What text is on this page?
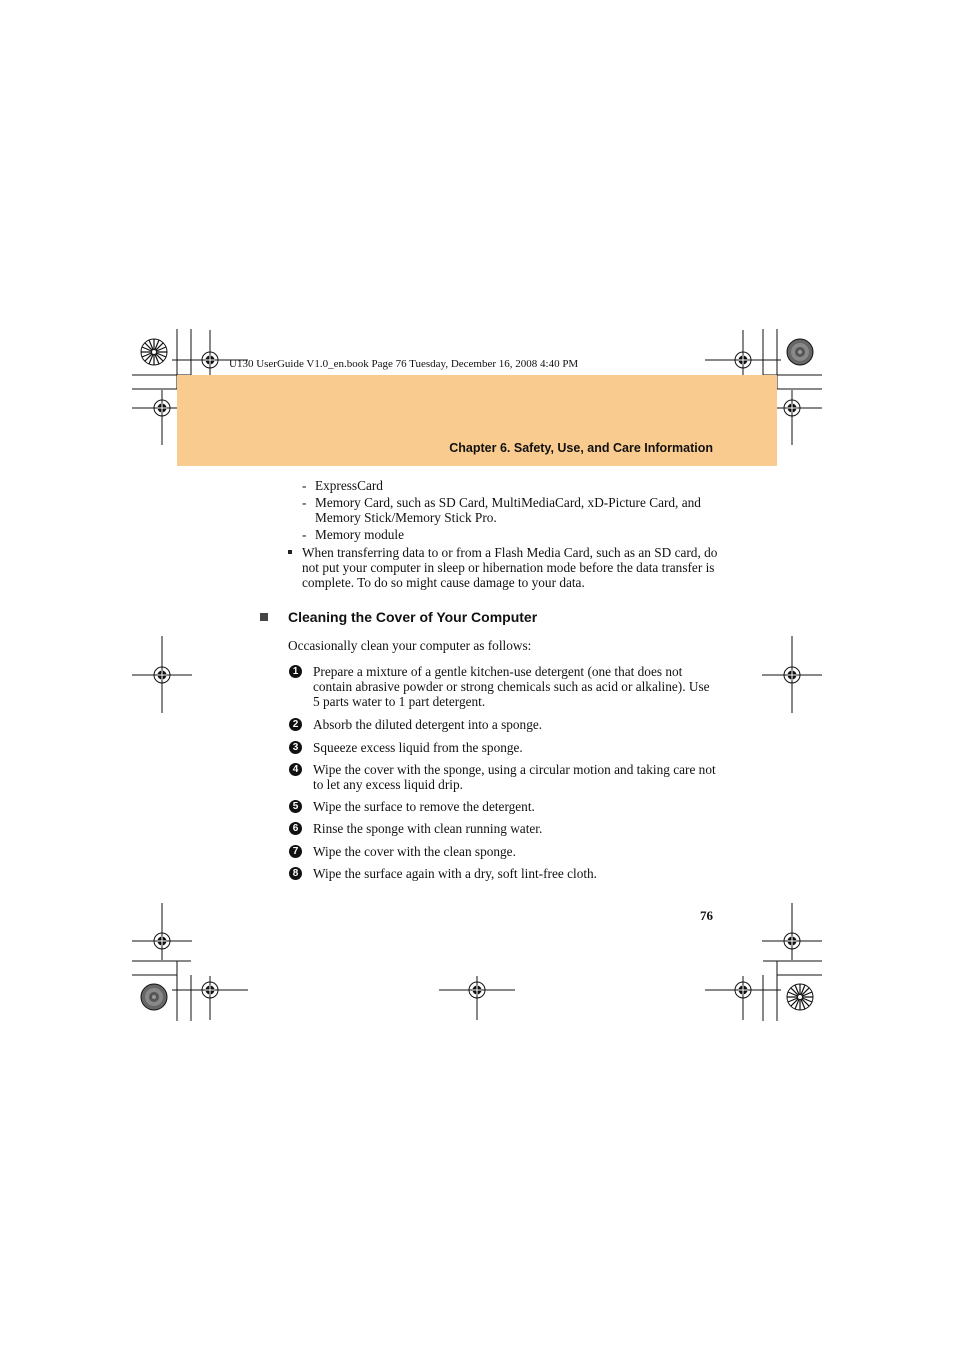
U130 UserGuide V1.0_en.book Page 76 Tuesday, December 16, 2008 4:40 PM
Chapter 6. Safety, Use, and Care Information
- ExpressCard
- Memory Card, such as SD Card, MultiMediaCard, xD-Picture Card, and Memory Stick/Memory Stick Pro.
- Memory module
When transferring data to or from a Flash Media Card, such as an SD card, do not put your computer in sleep or hibernation mode before the data transfer is complete. To do so might cause damage to your data.
Cleaning the Cover of Your Computer
Occasionally clean your computer as follows:
1	Prepare a mixture of a gentle kitchen-use detergent (one that does not contain abrasive powder or strong chemicals such as acid or alkaline). Use 5 parts water to 1 part detergent.
2	Absorb the diluted detergent into a sponge.
3	Squeeze excess liquid from the sponge.
4	Wipe the cover with the sponge, using a circular motion and taking care not to let any excess liquid drip.
5	Wipe the surface to remove the detergent.
6	Rinse the sponge with clean running water.
7	Wipe the cover with the clean sponge.
8	Wipe the surface again with a dry, soft lint-free cloth.
76
